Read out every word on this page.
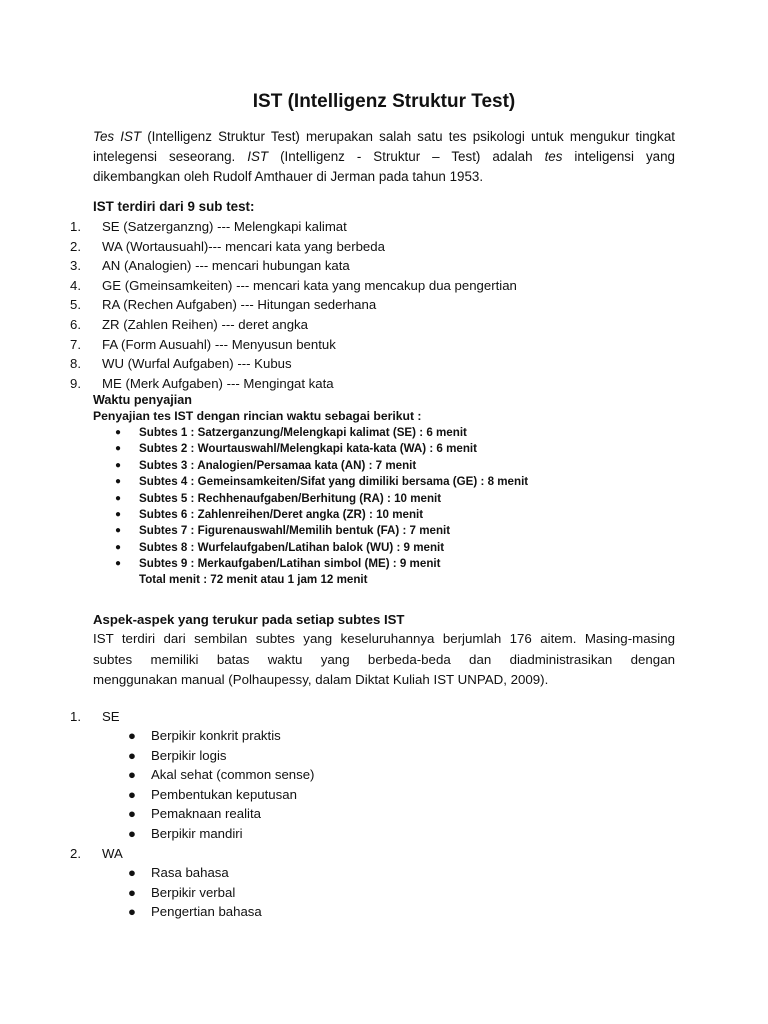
IST (Intelligenz Struktur Test)
Tes IST (Intelligenz Struktur Test) merupakan salah satu tes psikologi untuk mengukur tingkat
intelegensi seseorang. IST (Intelligenz - Struktur – Test) adalah tes inteligensi yang
dikembangkan oleh Rudolf Amthauer di Jerman pada tahun 1953.
IST terdiri dari 9 sub test:
1. SE (Satzerganzng) --- Melengkapi kalimat
2. WA (Wortausuahl)--- mencari kata yang berbeda
3. AN (Analogien) --- mencari hubungan kata
4. GE (Gmeinsamkeiten) --- mencari kata yang mencakup dua pengertian
5. RA (Rechen Aufgaben) --- Hitungan sederhana
6. ZR (Zahlen Reihen) --- deret angka
7. FA (Form Ausuahl) --- Menyusun bentuk
8. WU (Wurfal Aufgaben) --- Kubus
9. ME (Merk Aufgaben) --- Mengingat kata
Waktu penyajian
Penyajian tes IST dengan rincian waktu sebagai berikut :
● Subtes 1 : Satzerganzung/Melengkapi kalimat (SE) : 6 menit
● Subtes 2 : Wourtauswahl/Melengkapi kata-kata (WA) : 6 menit
● Subtes 3 : Analogien/Persamaa kata (AN) : 7 menit
● Subtes 4 : Gemeinsamkeiten/Sifat yang dimiliki bersama (GE) : 8 menit
● Subtes 5 : Rechhenaufgaben/Berhitung (RA) : 10 menit
● Subtes 6 : Zahlenreihen/Deret angka (ZR) : 10 menit
● Subtes 7 : Figurenauswahl/Memilih bentuk (FA) : 7 menit
● Subtes 8 : Wurfelaufgaben/Latihan balok (WU) : 9 menit
● Subtes 9 : Merkaufgaben/Latihan simbol (ME) : 9 menit
Total menit : 72 menit atau 1 jam 12 menit
Aspek-aspek yang terukur pada setiap subtes IST
IST terdiri dari sembilan subtes yang keseluruhannya berjumlah 176 aitem. Masing-masing
subtes memiliki batas waktu yang berbeda-beda dan diadministrasikan dengan
menggunakan manual (Polhaupessy, dalam Diktat Kuliah IST UNPAD, 2009).
1. SE
● Berpikir konkrit praktis
● Berpikir logis
● Akal sehat (common sense)
● Pembentukan keputusan
● Pemaknaan realita
● Berpikir mandiri
2. WA
● Rasa bahasa
● Berpikir verbal
● Pengertian bahasa
